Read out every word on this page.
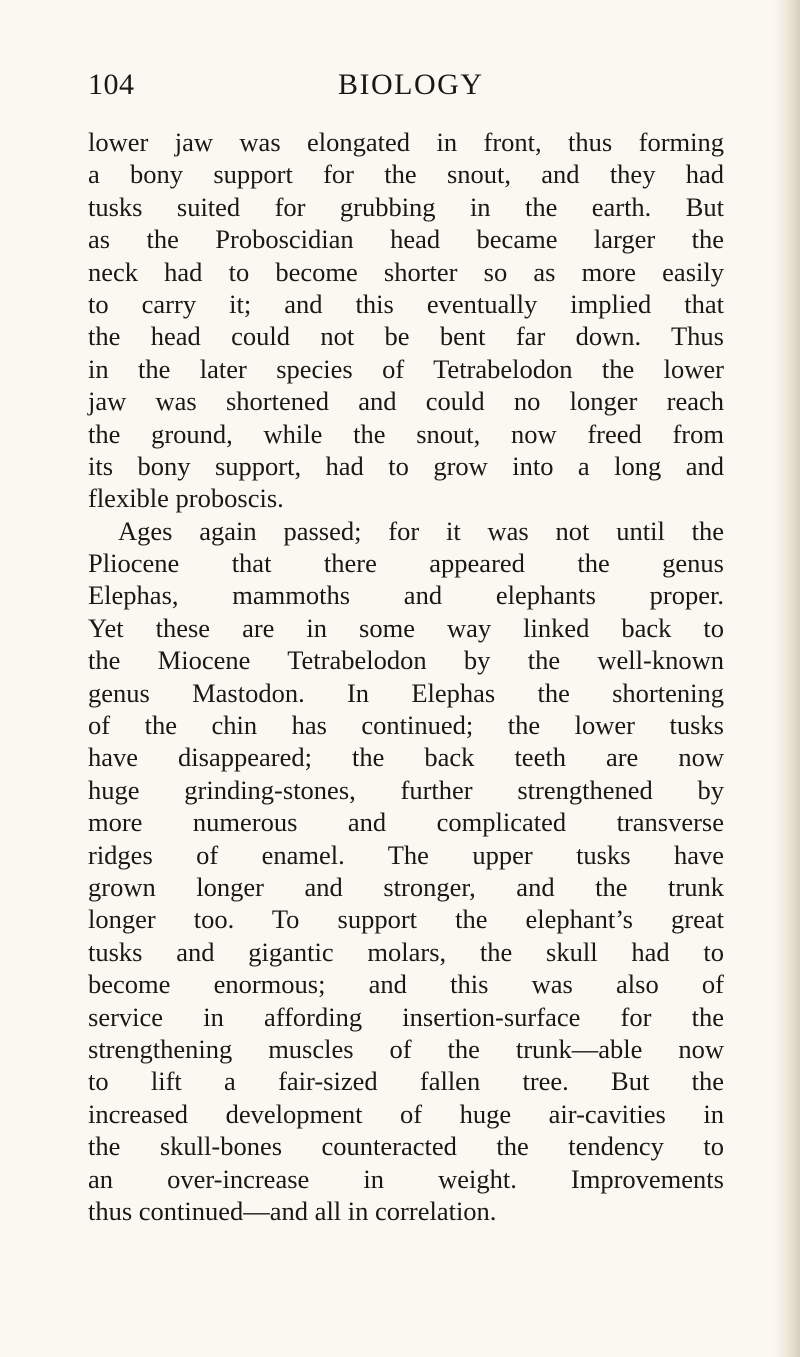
104	BIOLOGY
lower jaw was elongated in front, thus forming
a bony support for the snout, and they had
tusks suited for grubbing in the earth. But
as the Proboscidian head became larger the
neck had to become shorter so as more easily
to carry it; and this eventually implied that
the head could not be bent far down. Thus
in the later species of Tetrabelodon the lower
jaw was shortened and could no longer reach
the ground, while the snout, now freed from
its bony support, had to grow into a long and
flexible proboscis.
Ages again passed; for it was not until the
Pliocene that there appeared the genus
Elephas, mammoths and elephants proper.
Yet these are in some way linked back to
the Miocene Tetrabelodon by the well-known
genus Mastodon. In Elephas the shortening
of the chin has continued; the lower tusks
have disappeared; the back teeth are now
huge grinding-stones, further strengthened by
more numerous and complicated transverse
ridges of enamel. The upper tusks have
grown longer and stronger, and the trunk
longer too. To support the elephant’s great
tusks and gigantic molars, the skull had to
become enormous; and this was also of
service in affording insertion-surface for the
strengthening muscles of the trunk—able now
to lift a fair-sized fallen tree. But the
increased development of huge air-cavities in
the skull-bones counteracted the tendency to
an over-increase in weight. Improvements
thus continued—and all in correlation.
